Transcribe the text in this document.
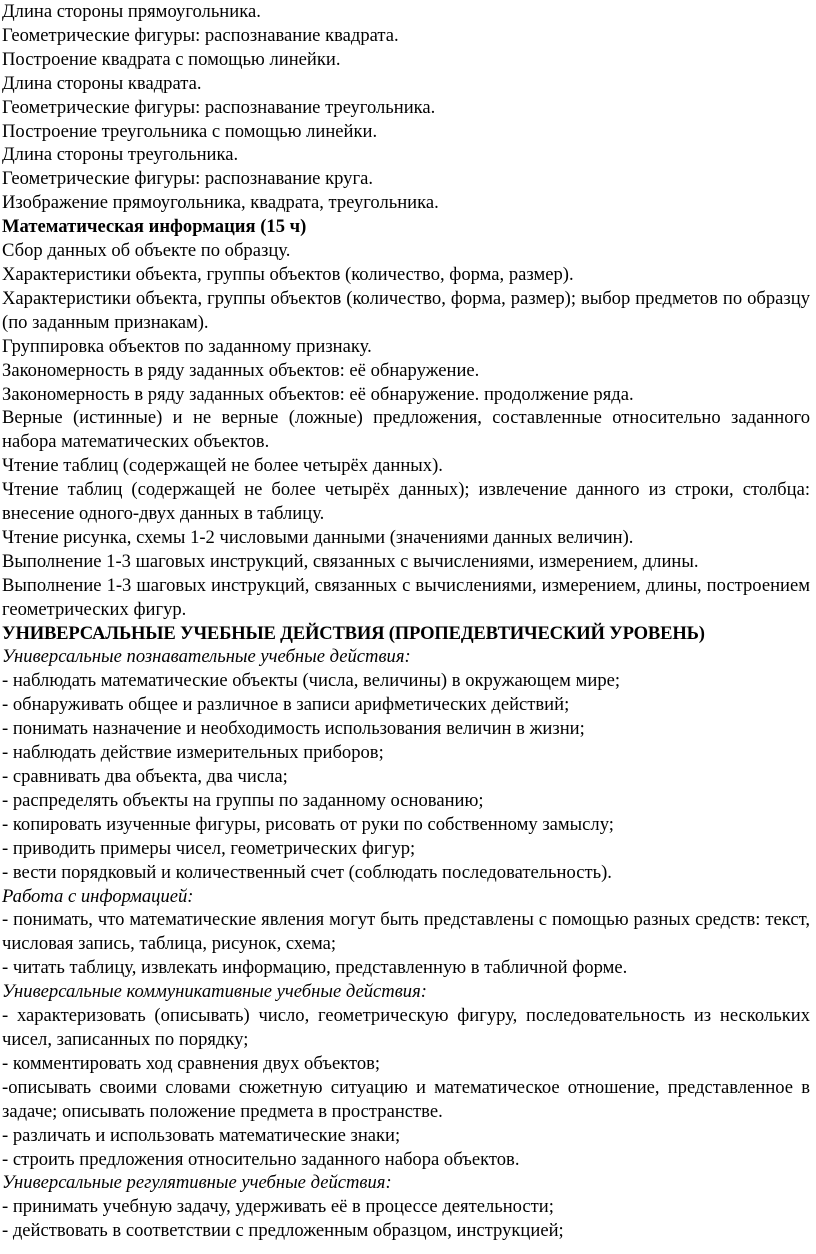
Длина стороны прямоугольника.
Геометрические фигуры: распознавание квадрата.
Построение квадрата с помощью линейки.
Длина стороны квадрата.
Геометрические фигуры: распознавание треугольника.
Построение треугольника с помощью линейки.
Длина стороны треугольника.
Геометрические фигуры: распознавание круга.
Изображение прямоугольника, квадрата, треугольника.
Математическая информация (15 ч)
Сбор данных об объекте по образцу.
Характеристики объекта, группы объектов (количество, форма, размер).
Характеристики объекта, группы объектов (количество, форма, размер); выбор предметов по образцу (по заданным признакам).
Группировка объектов по заданному признаку.
Закономерность в ряду заданных объектов: её обнаружение.
Закономерность в ряду заданных объектов: её обнаружение. продолжение ряда.
Верные (истинные) и не верные (ложные) предложения, составленные относительно заданного набора математических объектов.
Чтение таблиц (содержащей не более четырёх данных).
Чтение таблиц (содержащей не более четырёх данных); извлечение данного из строки, столбца: внесение одного-двух данных в таблицу.
Чтение рисунка, схемы 1-2 числовыми данными (значениями данных величин).
Выполнение 1-3 шаговых инструкций, связанных с вычислениями, измерением, длины.
Выполнение 1-3 шаговых инструкций, связанных с вычислениями, измерением, длины, построением геометрических фигур.
УНИВЕРСАЛЬНЫЕ УЧЕБНЫЕ ДЕЙСТВИЯ (ПРОПЕДЕВТИЧЕСКИЙ УРОВЕНЬ)
Универсальные познавательные учебные действия:
- наблюдать математические объекты (числа, величины) в окружающем мире;
- обнаруживать общее и различное в записи арифметических действий;
- понимать назначение и необходимость использования величин в жизни;
- наблюдать действие измерительных приборов;
- сравнивать два объекта, два числа;
- распределять объекты на группы по заданному основанию;
- копировать изученные фигуры, рисовать от руки по собственному замыслу;
- приводить примеры чисел, геометрических фигур;
- вести порядковый и количественный счет (соблюдать последовательность).
Работа с информацией:
- понимать, что математические явления могут быть представлены с помощью разных средств: текст, числовая запись, таблица, рисунок, схема;
- читать таблицу, извлекать информацию, представленную в табличной форме.
Универсальные коммуникативные учебные действия:
- характеризовать (описывать) число, геометрическую фигуру, последовательность из нескольких чисел, записанных по порядку;
- комментировать ход сравнения двух объектов;
-описывать своими словами сюжетную ситуацию и математическое отношение, представленное в задаче; описывать положение предмета в пространстве.
- различать и использовать математические знаки;
- строить предложения относительно заданного набора объектов.
Универсальные регулятивные учебные действия:
- принимать учебную задачу, удерживать её в процессе деятельности;
- действовать в соответствии с предложенным образцом, инструкцией;
